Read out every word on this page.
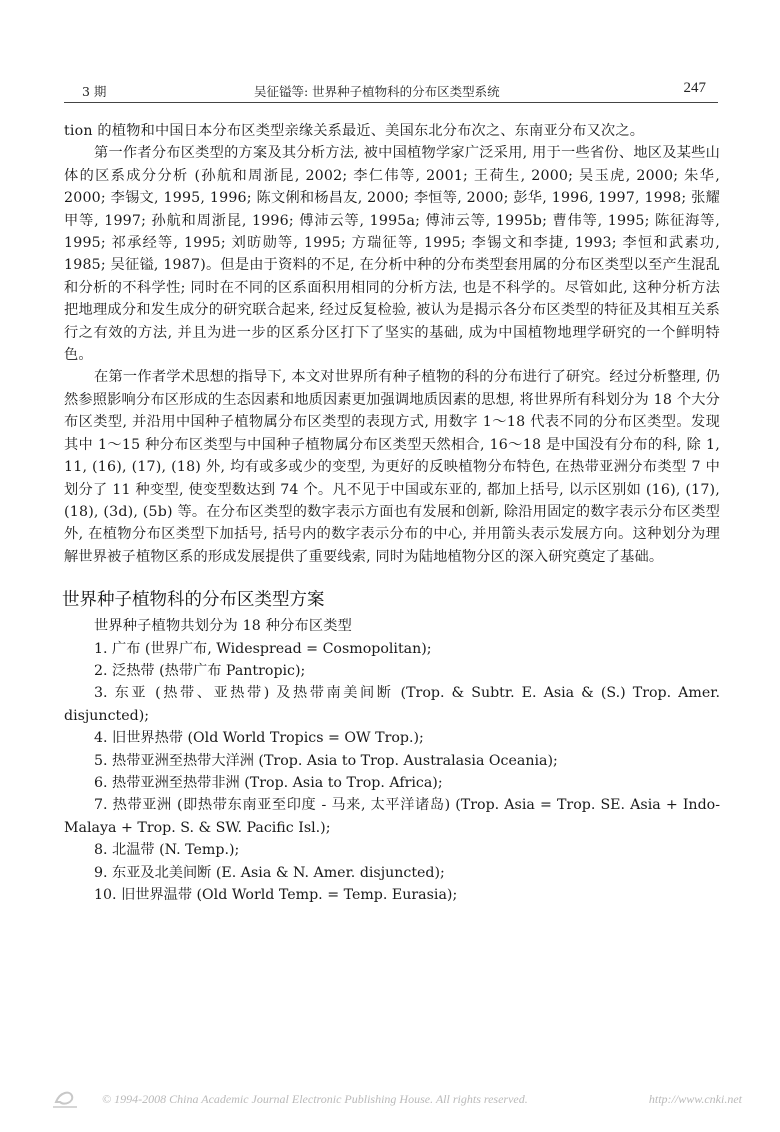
3 期	吴征镒等: 世界种子植物科的分布区类型系统	247

tion 的植物和中国日本分布区类型亲缘关系最近、美国东北分布次之、东南亚分布又次之。

第一作者分布区类型的方案及其分析方法, 被中国植物学家广泛采用, 用于一些省份、地区及某些山体的区系成分分析 (孙航和周浙昆, 2002; 李仁伟等, 2001; 王荷生, 2000; 吴玉虎, 2000; 朱华, 2000; 李锡文, 1995, 1996; 陈文俐和杨昌友, 2000; 李恒等, 2000; 彭华, 1996, 1997, 1998; 张耀甲等, 1997; 孙航和周浙昆, 1996; 傅沛云等, 1995a; 傅沛云等, 1995b; 曹伟等, 1995; 陈征海等, 1995; 祁承经等, 1995; 刘昉勋等, 1995; 方瑞征等, 1995; 李锡文和李捷, 1993; 李恒和武素功, 1985; 吴征镒, 1987)。但是由于资料的不足, 在分析中种的分布类型套用属的分布区类型以至产生混乱和分析的不科学性; 同时在不同的区系面积用相同的分析方法, 也是不科学的。尽管如此, 这种分析方法把地理成分和发生成分的研究联合起来, 经过反复检验, 被认为是揭示各分布区类型的特征及其相互关系行之有效的方法, 并且为进一步的区系分区打下了坚实的基础, 成为中国植物地理学研究的一个鲜明特色。

在第一作者学术思想的指导下, 本文对世界所有种子植物的科的分布进行了研究。经过分析整理, 仍然参照影响分布区形成的生态因素和地质因素更加强调地质因素的思想, 将世界所有科划分为 18 个大分布区类型, 并沿用中国种子植物属分布区类型的表现方式, 用数字 1～18 代表不同的分布区类型。发现其中 1～15 种分布区类型与中国种子植物属分布区类型天然相合, 16～18 是中国没有分布的科, 除 1, 11, (16), (17), (18) 外, 均有或多或少的变型, 为更好的反映植物分布特色, 在热带亚洲分布类型 7 中划分了 11 种变型, 使变型数达到 74 个。凡不见于中国或东亚的, 都加上括号, 以示区别如 (16), (17), (18), (3d), (5b) 等。在分布区类型的数字表示方面也有发展和创新, 除沿用固定的数字表示分布区类型外, 在植物分布区类型下加括号, 括号内的数字表示分布的中心, 并用箭头表示发展方向。这种划分为理解世界被子植物区系的形成发展提供了重要线索, 同时为陆地植物分区的深入研究奠定了基础。

世界种子植物科的分布区类型方案

世界种子植物共划分为 18 种分布区类型

1. 广布 (世界广布, Widespread = Cosmopolitan);
2. 泛热带 (热带广布 Pantropic);
3. 东亚 (热带、亚热带) 及热带南美间断 (Trop. & Subtr. E. Asia & (S.) Trop. Amer. disjuncted);
4. 旧世界热带 (Old World Tropics = OW Trop.);
5. 热带亚洲至热带大洋洲 (Trop. Asia to Trop. Australasia Oceania);
6. 热带亚洲至热带非洲 (Trop. Asia to Trop. Africa);
7. 热带亚洲 (即热带东南亚至印度 - 马来, 太平洋诸岛) (Trop. Asia = Trop. SE. Asia + Indo-Malaya + Trop. S. & SW. Pacific Isl.);
8. 北温带 (N. Temp.);
9. 东亚及北美间断 (E. Asia & N. Amer. disjuncted);
10. 旧世界温带 (Old World Temp. = Temp. Eurasia);
© 1994-2008 China Academic Journal Electronic Publishing House. All rights reserved.	http://www.cnki.net
